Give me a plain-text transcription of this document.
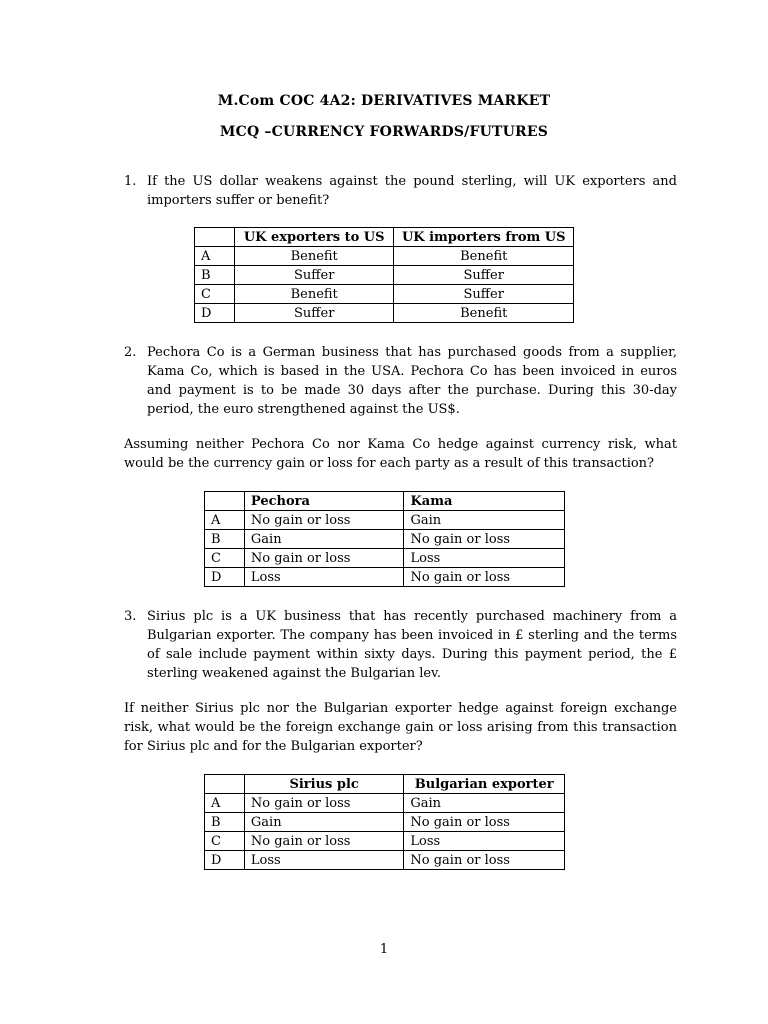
M.Com COC 4A2: DERIVATIVES MARKET
MCQ –CURRENCY FORWARDS/FUTURES
1. If the US dollar weakens against the pound sterling, will UK exporters and importers suffer or benefit?
	UK exporters to US	UK importers from US
A	Benefit	Benefit
B	Suffer	Suffer
C	Benefit	Suffer
D	Suffer	Benefit
2. Pechora Co is a German business that has purchased goods from a supplier, Kama Co, which is based in the USA. Pechora Co has been invoiced in euros and payment is to be made 30 days after the purchase. During this 30-day period, the euro strengthened against the US$.
Assuming neither Pechora Co nor Kama Co hedge against currency risk, what would be the currency gain or loss for each party as a result of this transaction?
	Pechora	Kama
A	No gain or loss	Gain
B	Gain	No gain or loss
C	No gain or loss	Loss
D	Loss	No gain or loss
3. Sirius plc is a UK business that has recently purchased machinery from a Bulgarian exporter. The company has been invoiced in £ sterling and the terms of sale include payment within sixty days. During this payment period, the £ sterling weakened against the Bulgarian lev.
If neither Sirius plc nor the Bulgarian exporter hedge against foreign exchange risk, what would be the foreign exchange gain or loss arising from this transaction for Sirius plc and for the Bulgarian exporter?
	Sirius plc	Bulgarian exporter
A	No gain or loss	Gain
B	Gain	No gain or loss
C	No gain or loss	Loss
D	Loss	No gain or loss
1
